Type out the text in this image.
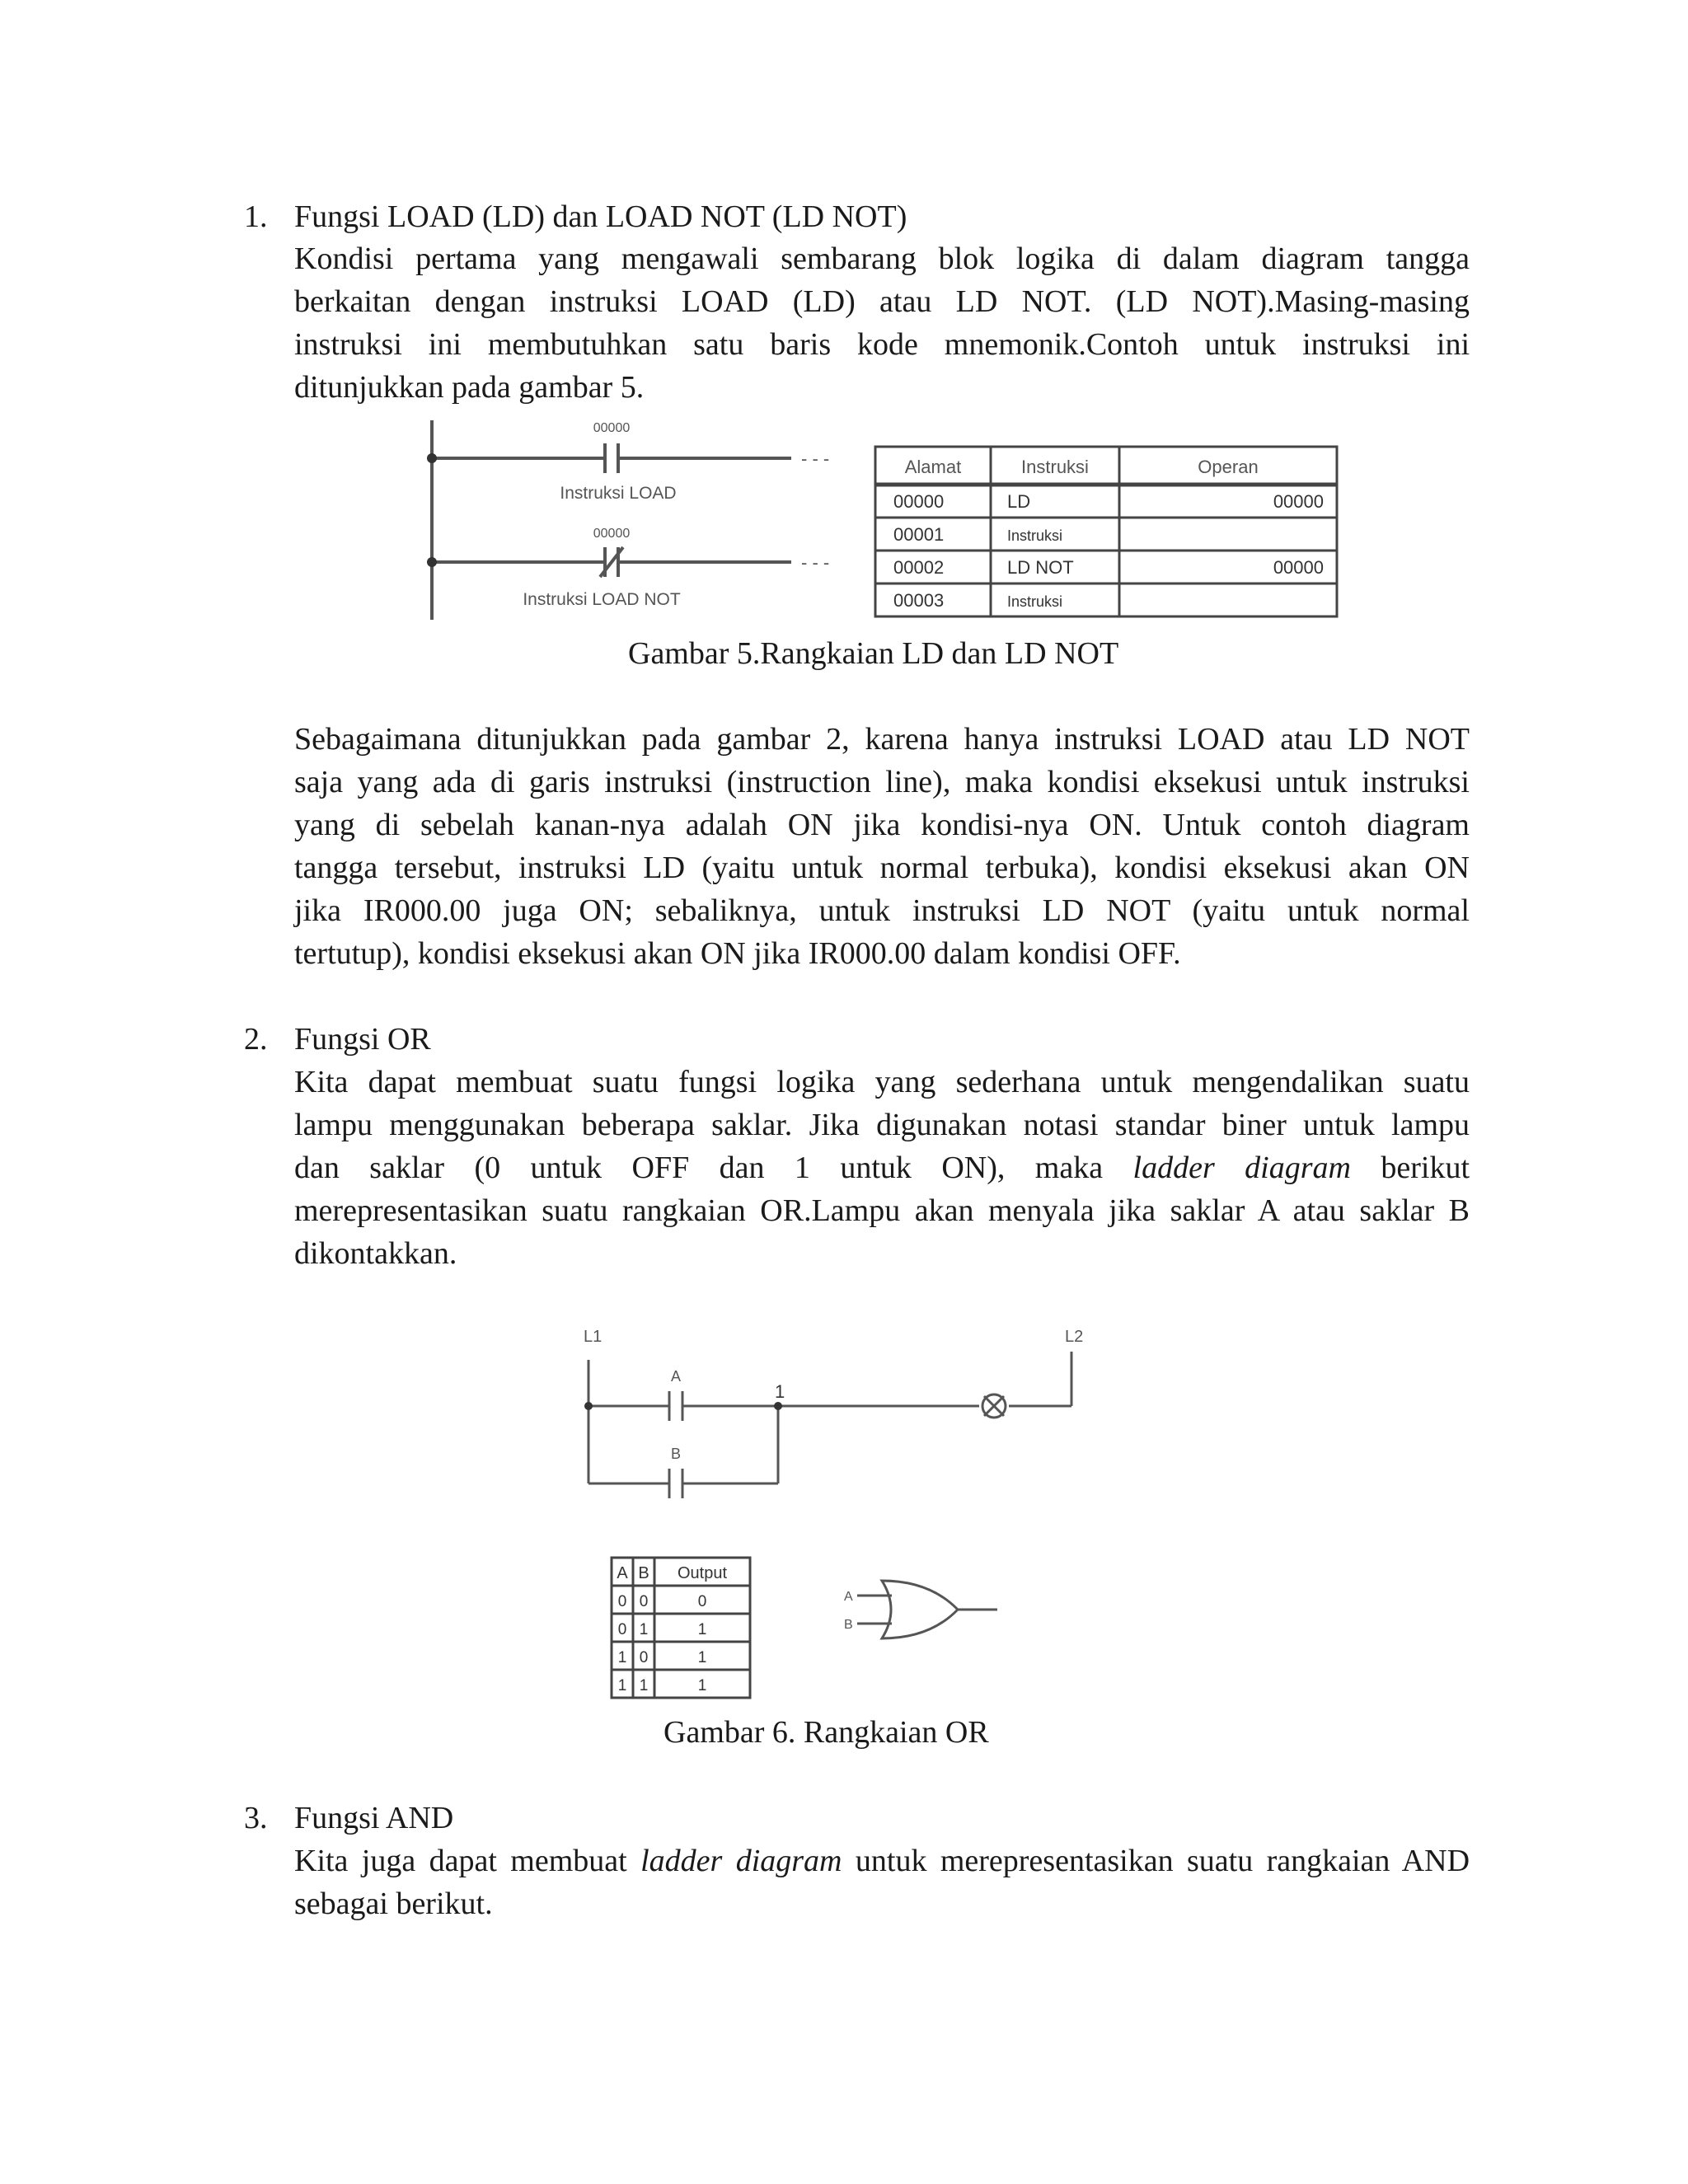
1. Fungsi LOAD (LD) dan LOAD NOT (LD NOT)
Kondisi pertama yang mengawali sembarang blok logika di dalam diagram tangga
berkaitan dengan instruksi LOAD (LD) atau LD NOT. (LD NOT).Masing-masing
instruksi ini membutuhkan satu baris kode mnemonik.Contoh untuk instruksi ini
ditunjukkan pada gambar 5.
- - -
- - -
00000
Instruksi LOAD
00000
Instruksi LOAD NOT
Alamat	Instruksi	Operan
00000	LD	00000
00001	Instruksi
00002	LD NOT	00000
00003	Instruksi
Gambar 5.Rangkaian LD dan LD NOT
Sebagaimana ditunjukkan pada gambar 2, karena hanya instruksi LOAD atau LD NOT
saja yang ada di garis instruksi (instruction line), maka kondisi eksekusi untuk instruksi
yang di sebelah kanan-nya adalah ON jika kondisi-nya ON. Untuk contoh diagram
tangga tersebut, instruksi LD (yaitu untuk normal terbuka), kondisi eksekusi akan ON
jika IR000.00 juga ON; sebaliknya, untuk instruksi LD NOT (yaitu untuk normal
tertutup), kondisi eksekusi akan ON jika IR000.00 dalam kondisi OFF.
2. Fungsi OR
Kita dapat membuat suatu fungsi logika yang sederhana untuk mengendalikan suatu
lampu menggunakan beberapa saklar. Jika digunakan notasi standar biner untuk lampu
dan saklar (0 untuk OFF dan 1 untuk ON), maka ladder diagram berikut
merepresentasikan suatu rangkaian OR.Lampu akan menyala jika saklar A atau saklar B
dikontakkan.
L1	L2
A
B
1
A B Output
0 0	0
0 1	1
1 0	1
1 1	1
A
B
Gambar 6. Rangkaian OR
3. Fungsi AND
Kita juga dapat membuat ladder diagram untuk merepresentasikan suatu rangkaian AND
sebagai berikut.
